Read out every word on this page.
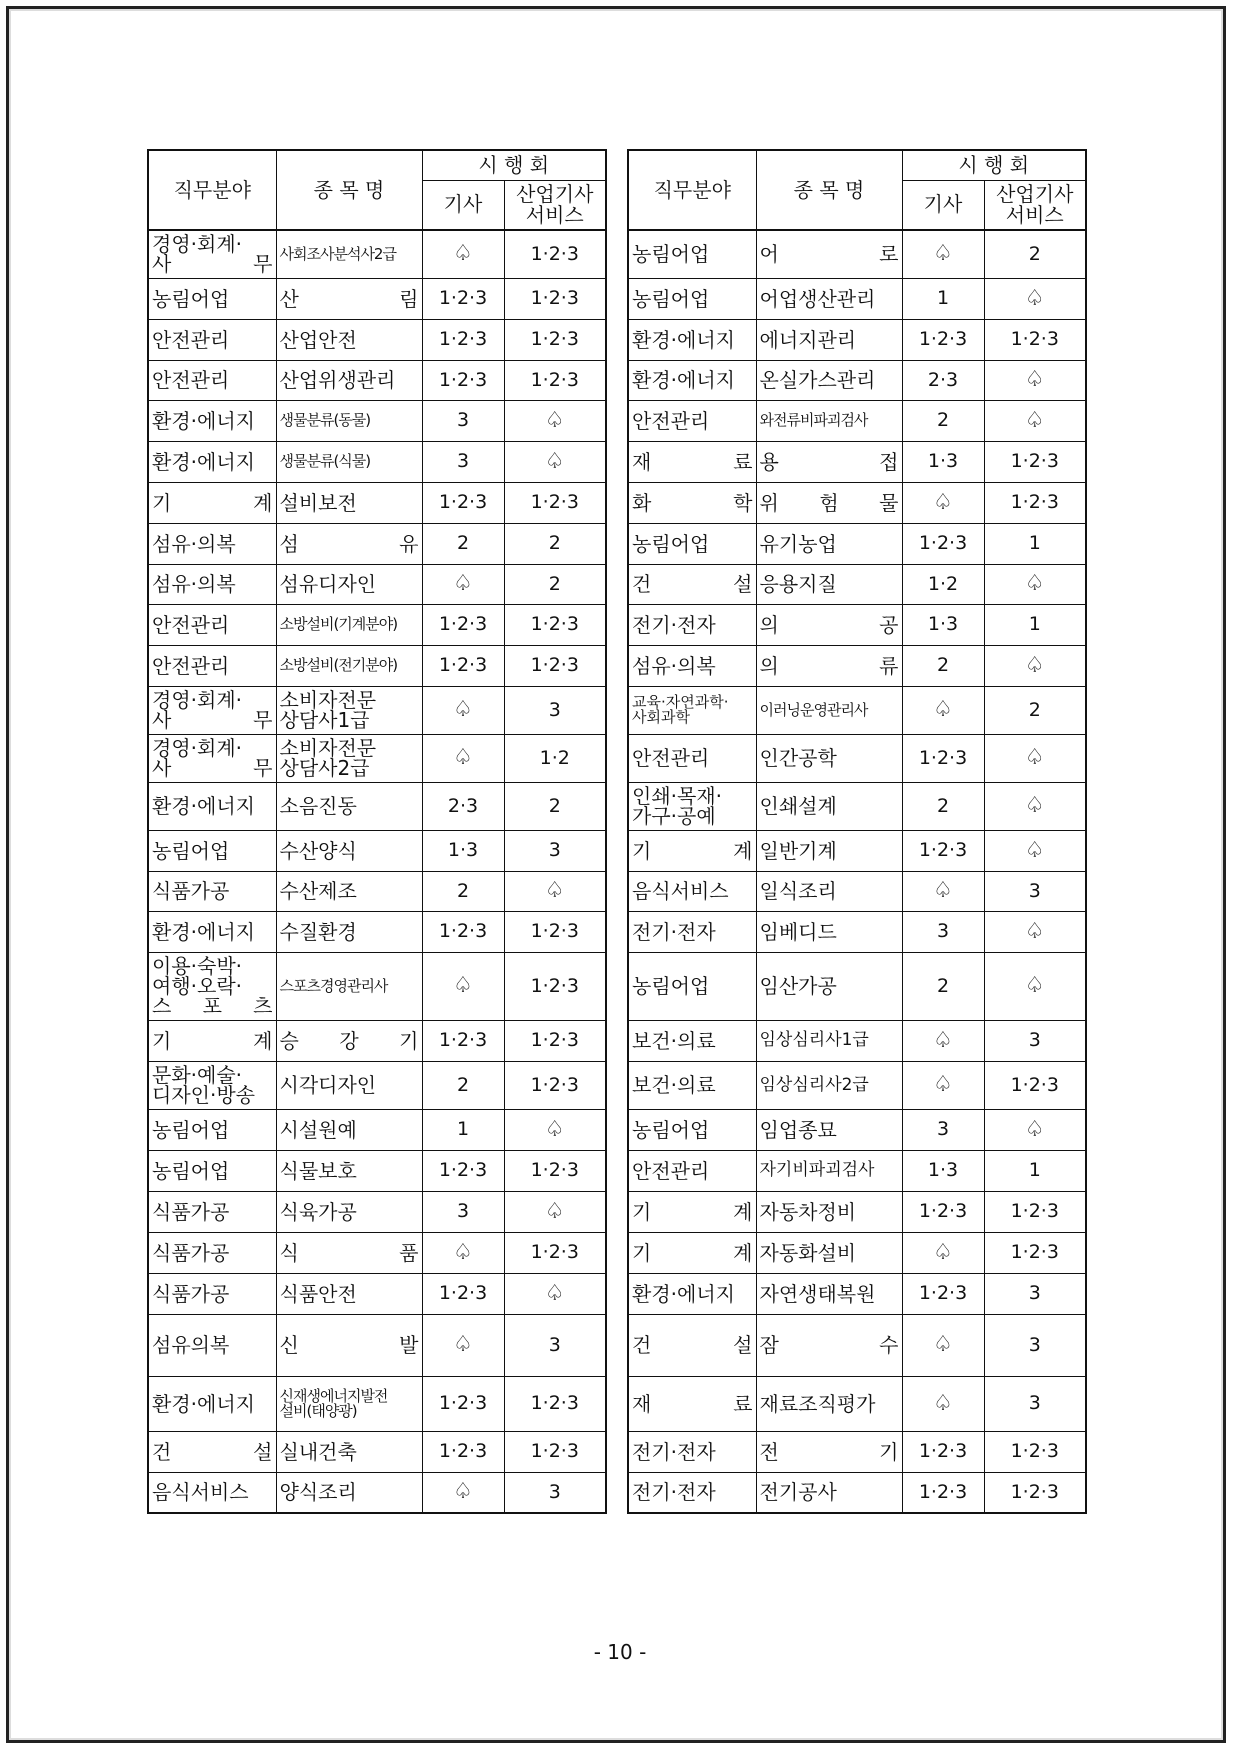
직무분야	종 목 명	시 행 회	
		기사	산업기사
서비스
경영·회계·
사　　　무	사회조사분석사2급	♤	1·2·3
농림어업	산　　　림	1·2·3	1·2·3
안전관리	산업안전	1·2·3	1·2·3
안전관리	산업위생관리	1·2·3	1·2·3
환경·에너지	생물분류(동물)	3	♤
환경·에너지	생물분류(식물)	3	♤
기　　　계	설비보전	1·2·3	1·2·3
섬유·의복	섬　　　유	2	2
섬유·의복	섬유디자인	♤	2
안전관리	소방설비(기계분야)	1·2·3	1·2·3
안전관리	소방설비(전기분야)	1·2·3	1·2·3
경영·회계·
사　　　무	소비자전문
상담사1급	♤	3
경영·회계·
사　　　무	소비자전문
상담사2급	♤	1·2
환경·에너지	소음진동	2·3	2
농림어업	수산양식	1·3	3
식품가공	수산제조	2	♤
환경·에너지	수질환경	1·2·3	1·2·3
이용·숙박·
여행·오락·
스　포　츠	스포츠경영관리사	♤	1·2·3
기　　　계	승　강　기	1·2·3	1·2·3
문화·예술·
디자인·방송	시각디자인	2	1·2·3
농림어업	시설원예	1	♤
농림어업	식물보호	1·2·3	1·2·3
식품가공	식육가공	3	♤
식품가공	식　　　품	♤	1·2·3
식품가공	식품안전	1·2·3	♤
섬유의복	신　　　발	♤	3
환경·에너지	신재생에너지발전
설비(태양광)	1·2·3	1·2·3
건　　　설	실내건축	1·2·3	1·2·3
음식서비스	양식조리	♤	3
직무분야	종 목 명	시 행 회	
		기사	산업기사
서비스
농림어업	어　　　로	♤	2
농림어업	어업생산관리	1	♤
환경·에너지	에너지관리	1·2·3	1·2·3
환경·에너지	온실가스관리	2·3	♤
안전관리	와전류비파괴검사	2	♤
재　　　료	용　　　접	1·3	1·2·3
화　　　학	위　험　물	♤	1·2·3
농림어업	유기농업	1·2·3	1
건　　　설	응용지질	1·2	♤
전기·전자	의　　　공	1·3	1
섬유·의복	의　　　류	2	♤
교육·자연과학·
사회과학	이러닝운영관리사	♤	2
안전관리	인간공학	1·2·3	♤
인쇄·목재·
가구·공예	인쇄설계	2	♤
기　　　계	일반기계	1·2·3	♤
음식서비스	일식조리	♤	3
전기·전자	임베디드	3	♤
농림어업	임산가공	2	♤
보건·의료	임상심리사1급	♤	3
보건·의료	임상심리사2급	♤	1·2·3
농림어업	임업종묘	3	♤
안전관리	자기비파괴검사	1·3	1
기　　　계	자동차정비	1·2·3	1·2·3
기　　　계	자동화설비	♤	1·2·3
환경·에너지	자연생태복원	1·2·3	3
건　　　설	잠　　　수	♤	3
재　　　료	재료조직평가	♤	3
전기·전자	전　　　기	1·2·3	1·2·3
전기·전자	전기공사	1·2·3	1·2·3
- 10 -
